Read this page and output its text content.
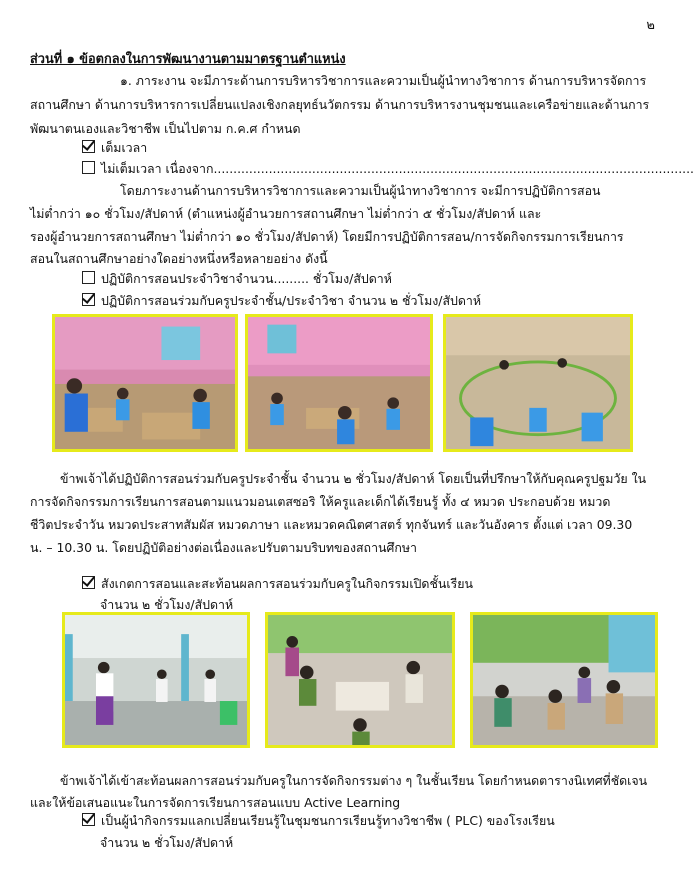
๒
ส่วนที่ ๑ ข้อตกลงในการพัฒนางานตามมาตรฐานตำแหน่ง
๑. ภาระงาน จะมีภาระด้านการบริหารวิชาการและความเป็นผู้นำทางวิชาการ ด้านการบริหารจัดการ
สถานศึกษา ด้านการบริหารการเปลี่ยนแปลงเชิงกลยุทธ์นวัตกรรม ด้านการบริหารงานชุมชนและเครือข่ายและด้านการ
พัฒนาตนเองและวิชาชีพ เป็นไปตาม ก.ค.ศ กำหนด
เต็มเวลา
ไม่เต็มเวลา เนื่องจาก..........................................................................................................................
โดยภาระงานด้านการบริหารวิชาการและความเป็นผู้นำทางวิชาการ จะมีการปฏิบัติการสอน
ไม่ต่ำกว่า ๑๐ ชั่วโมง/สัปดาห์ (ตำแหน่งผู้อำนวยการสถานศึกษา ไม่ต่ำกว่า ๕ ชั่วโมง/สัปดาห์ และ
รองผู้อำนวยการสถานศึกษา ไม่ต่ำกว่า ๑๐ ชั่วโมง/สัปดาห์) โดยมีการปฏิบัติการสอน/การจัดกิจกรรมการเรียนการ
สอนในสถานศึกษาอย่างใดอย่างหนึ่งหรือหลายอย่าง ดังนี้
ปฏิบัติการสอนประจำวิชาจำนวน......... ชั่วโมง/สัปดาห์
ปฏิบัติการสอนร่วมกับครูประจำชั้น/ประจำวิชา จำนวน ๒ ชั่วโมง/สัปดาห์
ข้าพเจ้าได้ปฏิบัติการสอนร่วมกับครูประจำชั้น จำนวน ๒ ชั่วโมง/สัปดาห์ โดยเป็นที่ปรึกษาให้กับคุณครูปฐมวัย ใน
การจัดกิจกรรมการเรียนการสอนตามแนวมอนเตสซอริ ให้ครูและเด็กได้เรียนรู้ ทั้ง ๔ หมวด ประกอบด้วย หมวด
ชีวิตประจำวัน หมวดประสาทสัมผัส หมวดภาษา และหมวดคณิตศาสตร์ ทุกจันทร์ และวันอังคาร ตั้งแต่ เวลา 09.30
น. – 10.30 น. โดยปฏิบัติอย่างต่อเนื่องและปรับตามบริบทของสถานศึกษา
สังเกตการสอนและสะท้อนผลการสอนร่วมกับครูในกิจกรรมเปิดชั้นเรียน
จำนวน ๒ ชั่วโมง/สัปดาห์
ข้าพเจ้าได้เข้าสะท้อนผลการสอนร่วมกับครูในการจัดกิจกรรมต่าง ๆ ในชั้นเรียน โดยกำหนดตารางนิเทศที่ชัดเจน
และให้ข้อเสนอแนะในการจัดการเรียนการสอนแบบ Active Learning
เป็นผู้นำกิจกรรมแลกเปลี่ยนเรียนรู้ในชุมชนการเรียนรู้ทางวิชาชีพ ( PLC) ของโรงเรียน
จำนวน ๒ ชั่วโมง/สัปดาห์
